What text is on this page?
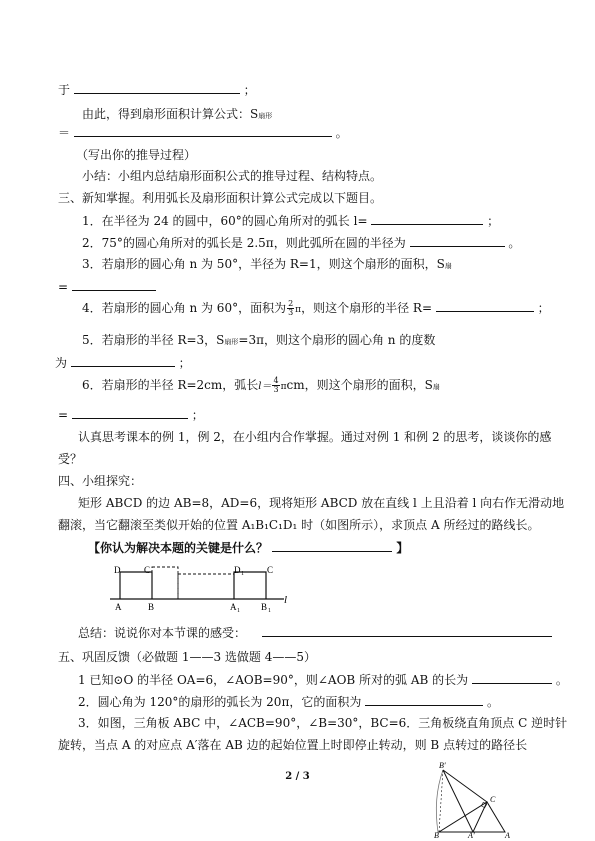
于	；
由此，得到扇形面积计算公式：S扇形
＝	。
（写出你的推导过程）
小结：小组内总结扇形面积公式的推导过程、结构特点。
三、新知掌握。利用弧长及扇形面积计算公式完成以下题目。
1．在半径为 24 的圆中，60°的圆心角所对的弧长 l=	；
2．75°的圆心角所对的弧长是 2.5π，则此弧所在圆的半径为	。
3．若扇形的圆心角 n 为 50°，半径为 R=1，则这个扇形的面积，S扇
=
4．若扇形的圆心角 n 为 60°，面积为 $\frac{2}{3}$ π，则这个扇形的半径 R=	；
5．若扇形的半径 R=3，S扇形=3π，则这个扇形的圆心角 n 的度数
为	；
6．若扇形的半径 R=2cm，弧长$l= \frac{4}{3}$ πcm，则这个扇形的面积，S扇
=	；
认真思考课本的例 1，例 2，在小组内合作掌握。通过对例 1 和例 2 的思考，谈谈你的感
受？
四、小组探究：
矩形 ABCD 的边 AB=8，AD=6，现将矩形 ABCD 放在直线 l 上且沿着 l 向右作无滑动地
翻滚，当它翻滚至类似开始的位置 A₁B₁C₁D₁ 时（如图所示），求顶点 A 所经过的路线长。
【你认为解决本题的关键是什么？	】
D	C
A	B
D 1	C
A 1 B 1
l
总结：说说你对本节课的感受：
五、巩固反馈（必做题 1——3 选做题 4——5）
1 已知⊙O 的半径 OA=6，∠AOB=90°，则∠AOB 所对的弧 AB 的长为	。
2．圆心角为 120°的扇形的弧长为 20π，它的面积为	。
3．如图，三角板 ABC 中，∠ACB=90°，∠B=30°，BC=6．三角板绕直角顶点 C 逆时针
旋转，当点 A 的对应点 A′落在 AB 边的起始位置上时即停止转动，则 B 点转过的路径长
2 / 3
B′
C
B	A′	A
